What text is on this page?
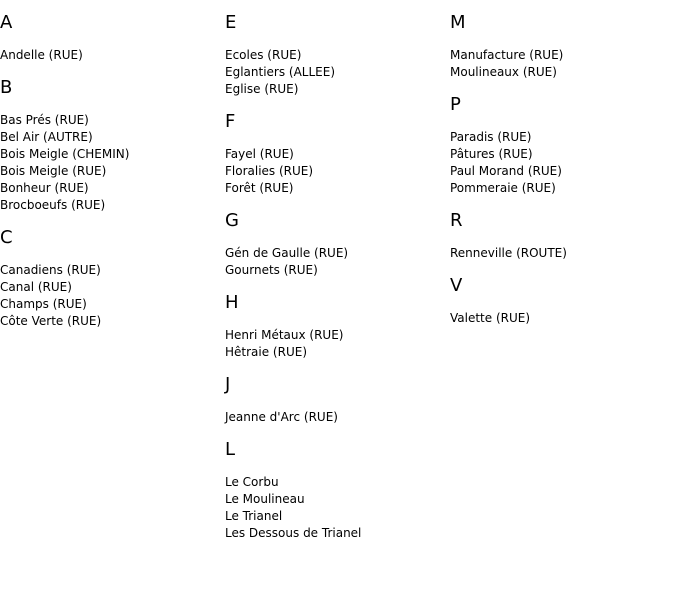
A
Andelle (RUE)
B
Bas Prés (RUE)
Bel Air (AUTRE)
Bois Meigle (CHEMIN)
Bois Meigle (RUE)
Bonheur (RUE)
Brocboeufs (RUE)
C
Canadiens (RUE)
Canal (RUE)
Champs (RUE)
Côte Verte (RUE)
E
Ecoles (RUE)
Eglantiers (ALLEE)
Eglise (RUE)
F
Fayel (RUE)
Floralies (RUE)
Forêt (RUE)
G
Gén de Gaulle (RUE)
Gournets (RUE)
H
Henri Métaux (RUE)
Hêtraie (RUE)
J
Jeanne d'Arc (RUE)
L
Le Corbu
Le Moulineau
Le Trianel
Les Dessous de Trianel
M
Manufacture (RUE)
Moulineaux (RUE)
P
Paradis (RUE)
Pâtures (RUE)
Paul Morand (RUE)
Pommeraie (RUE)
R
Renneville (ROUTE)
V
Valette (RUE)
